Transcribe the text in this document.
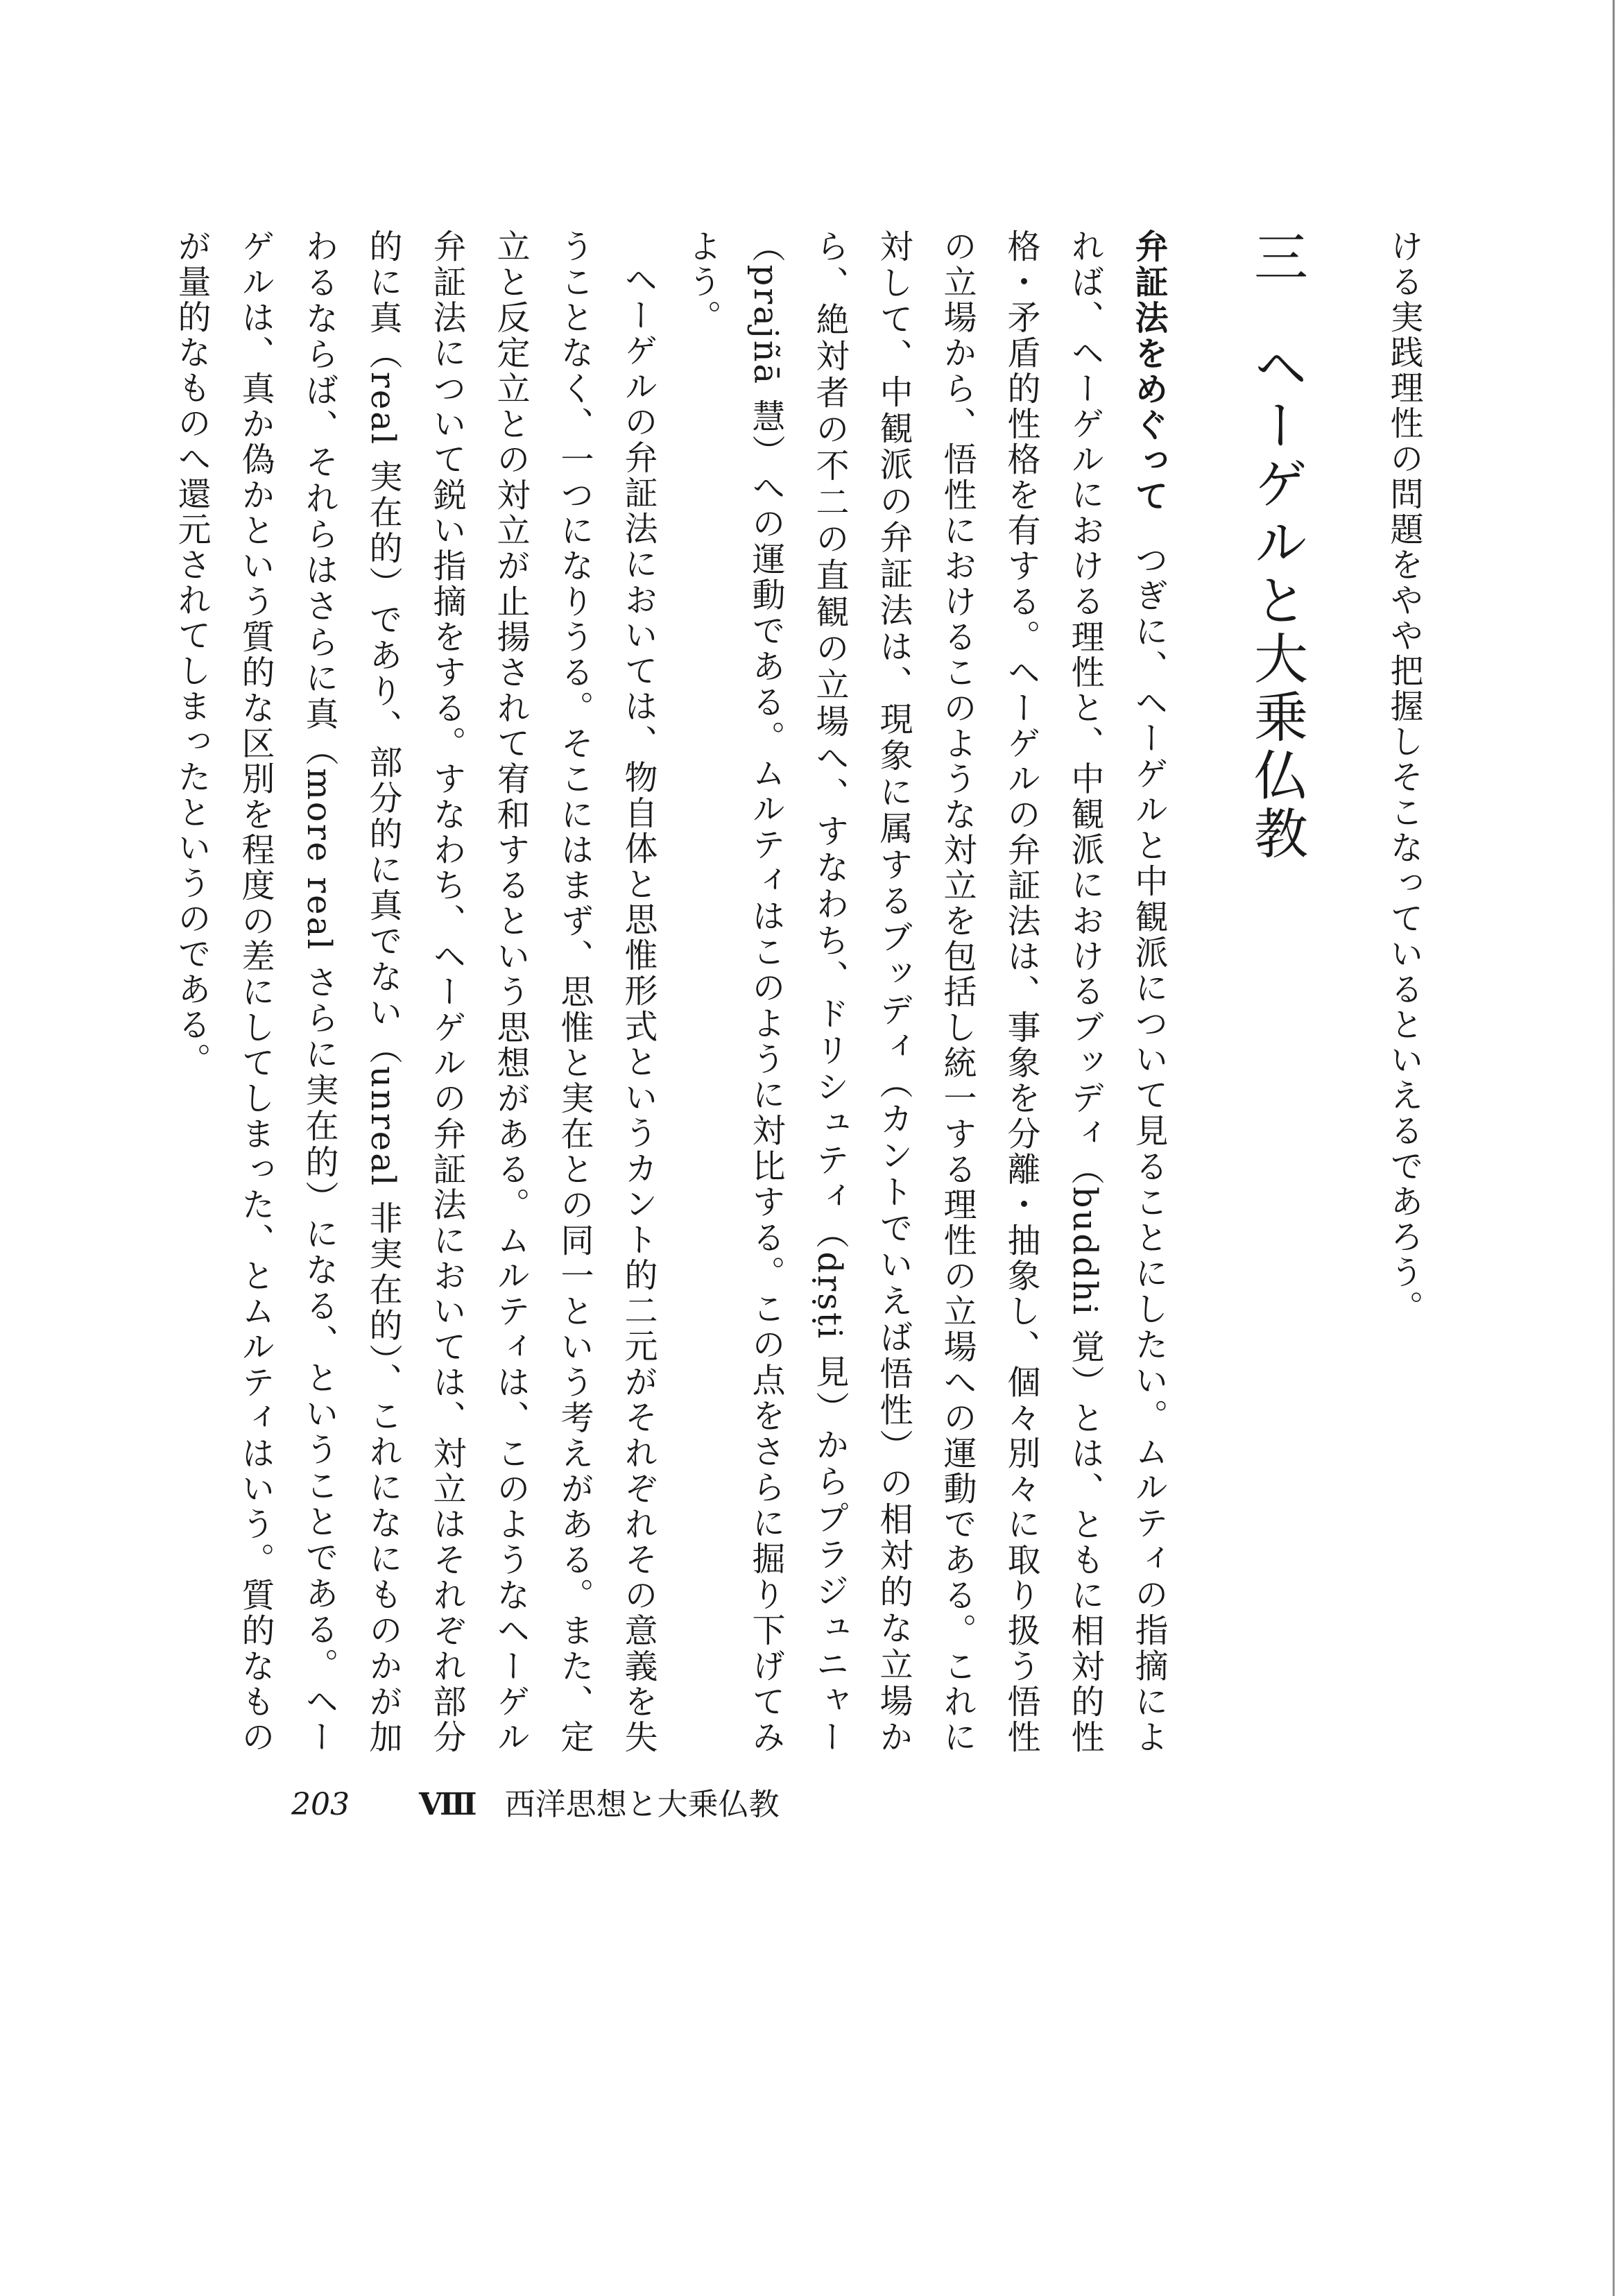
ける実践理性の問題をやや把握しそこなっているといえるであろう。

三 ヘーゲルと大乗仏教

弁証法をめぐってつぎに、ヘーゲルと中観派について見ることにしたい。ムルティの指摘によれば、ヘーゲルにおける理性と、中観派におけるブッディ（buddhi 覚）とは、ともに相対的性格・矛盾的性格を有する。ヘーゲルの弁証法は、事象を分離・抽象し、個々別々に取り扱う悟性の立場から、悟性におけるこのような対立を包括し統一する理性の立場への運動である。これに対して、中観派の弁証法は、現象に属するブッディ（カントでいえば悟性）の相対的な立場から、絶対者の不二の直観の立場へ、すなわち、ドリシュティ（dṛṣṭi 見）からプラジュニャー（prajñā 慧）への運動である。ムルティはこのように対比する。この点をさらに掘り下げてみよう。

ヘーゲルの弁証法においては、物自体と思惟形式というカント的二元がそれぞれその意義を失うことなく、一つになりうる。そこにはまず、思惟と実在との同一という考えがある。また、定立と反定立との対立が止揚されて宥和するという思想がある。ムルティは、このようなヘーゲル弁証法について鋭い指摘をする。すなわち、ヘーゲルの弁証法においては、対立はそれぞれ部分的に真（real 実在的）であり、部分的に真でない（unreal 非実在的）、これになにものかが加わるならば、それらはさらに真（more real さらに実在的）になる、ということである。ヘーゲルは、真か偽かという質的な区別を程度の差にしてしまった、とムルティはいう。質的なものが量的なものへ還元されてしまったというのである。

203 Ⅷ 西洋思想と大乗仏教
